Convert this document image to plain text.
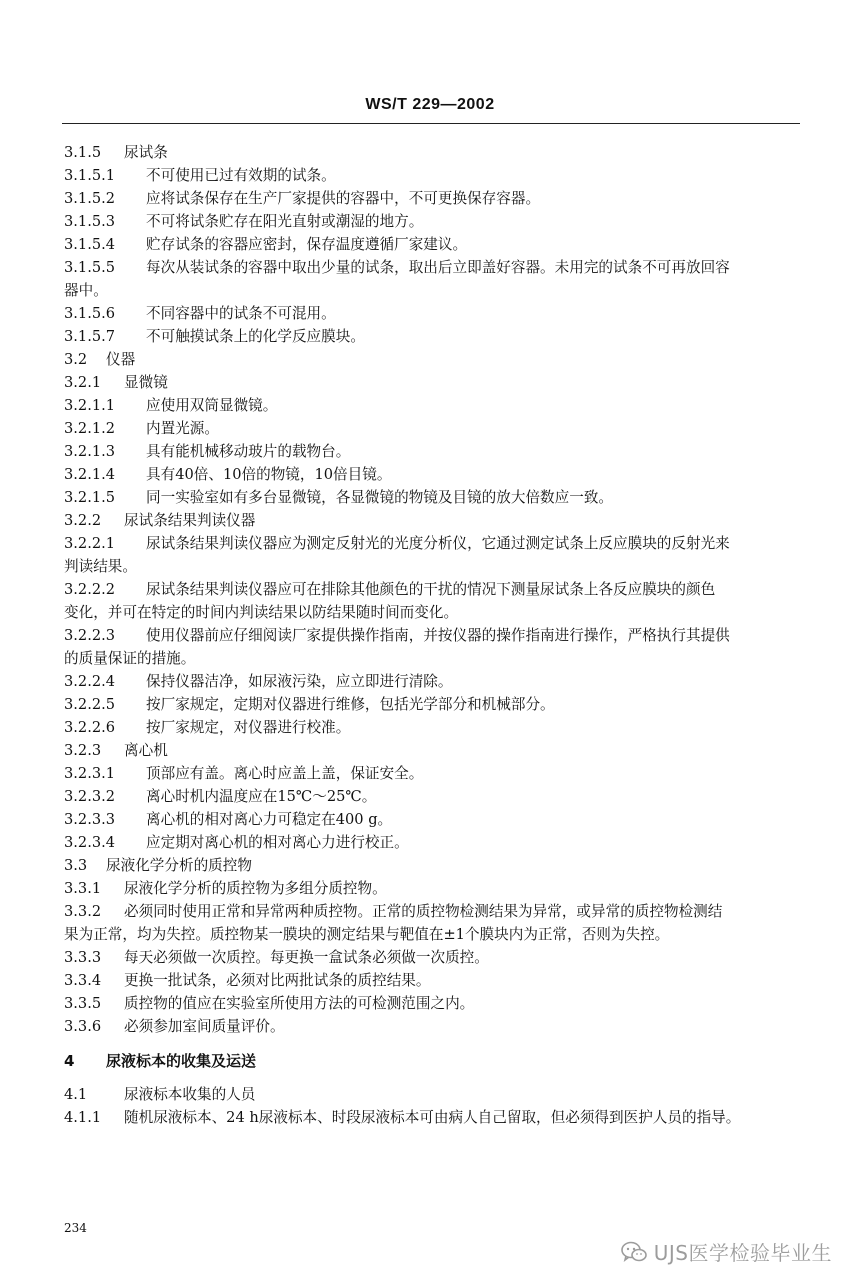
WS/T 229—2002
3.1.5 尿试条
3.1.5.1 不可使用已过有效期的试条。
3.1.5.2 应将试条保存在生产厂家提供的容器中，不可更换保存容器。
3.1.5.3 不可将试条贮存在阳光直射或潮湿的地方。
3.1.5.4 贮存试条的容器应密封，保存温度遵循厂家建议。
3.1.5.5 每次从装试条的容器中取出少量的试条，取出后立即盖好容器。未用完的试条不可再放回容
器中。
3.1.5.6 不同容器中的试条不可混用。
3.1.5.7 不可触摸试条上的化学反应膜块。
3.2 仪器
3.2.1 显微镜
3.2.1.1 应使用双筒显微镜。
3.2.1.2 内置光源。
3.2.1.3 具有能机械移动玻片的载物台。
3.2.1.4 具有40倍、10倍的物镜，10倍目镜。
3.2.1.5 同一实验室如有多台显微镜，各显微镜的物镜及目镜的放大倍数应一致。
3.2.2 尿试条结果判读仪器
3.2.2.1 尿试条结果判读仪器应为测定反射光的光度分析仪，它通过测定试条上反应膜块的反射光来
判读结果。
3.2.2.2 尿试条结果判读仪器应可在排除其他颜色的干扰的情况下测量尿试条上各反应膜块的颜色
变化，并可在特定的时间内判读结果以防结果随时间而变化。
3.2.2.3 使用仪器前应仔细阅读厂家提供操作指南，并按仪器的操作指南进行操作，严格执行其提供
的质量保证的措施。
3.2.2.4 保持仪器洁净，如尿液污染，应立即进行清除。
3.2.2.5 按厂家规定，定期对仪器进行维修，包括光学部分和机械部分。
3.2.2.6 按厂家规定，对仪器进行校准。
3.2.3 离心机
3.2.3.1 顶部应有盖。离心时应盖上盖，保证安全。
3.2.3.2 离心时机内温度应在15℃～25℃。
3.2.3.3 离心机的相对离心力可稳定在400 g。
3.2.3.4 应定期对离心机的相对离心力进行校正。
3.3 尿液化学分析的质控物
3.3.1 尿液化学分析的质控物为多组分质控物。
3.3.2 必须同时使用正常和异常两种质控物。正常的质控物检测结果为异常，或异常的质控物检测结
果为正常，均为失控。质控物某一膜块的测定结果与靶值在±1个膜块内为正常，否则为失控。
3.3.3 每天必须做一次质控。每更换一盒试条必须做一次质控。
3.3.4 更换一批试条，必须对比两批试条的质控结果。
3.3.5 质控物的值应在实验室所使用方法的可检测范围之内。
3.3.6 必须参加室间质量评价。
4 尿液标本的收集及运送
4.1	尿液标本收集的人员
4.1.1 随机尿液标本、24 h尿液标本、时段尿液标本可由病人自己留取，但必须得到医护人员的指导。
234
UJS医学检验毕业生
